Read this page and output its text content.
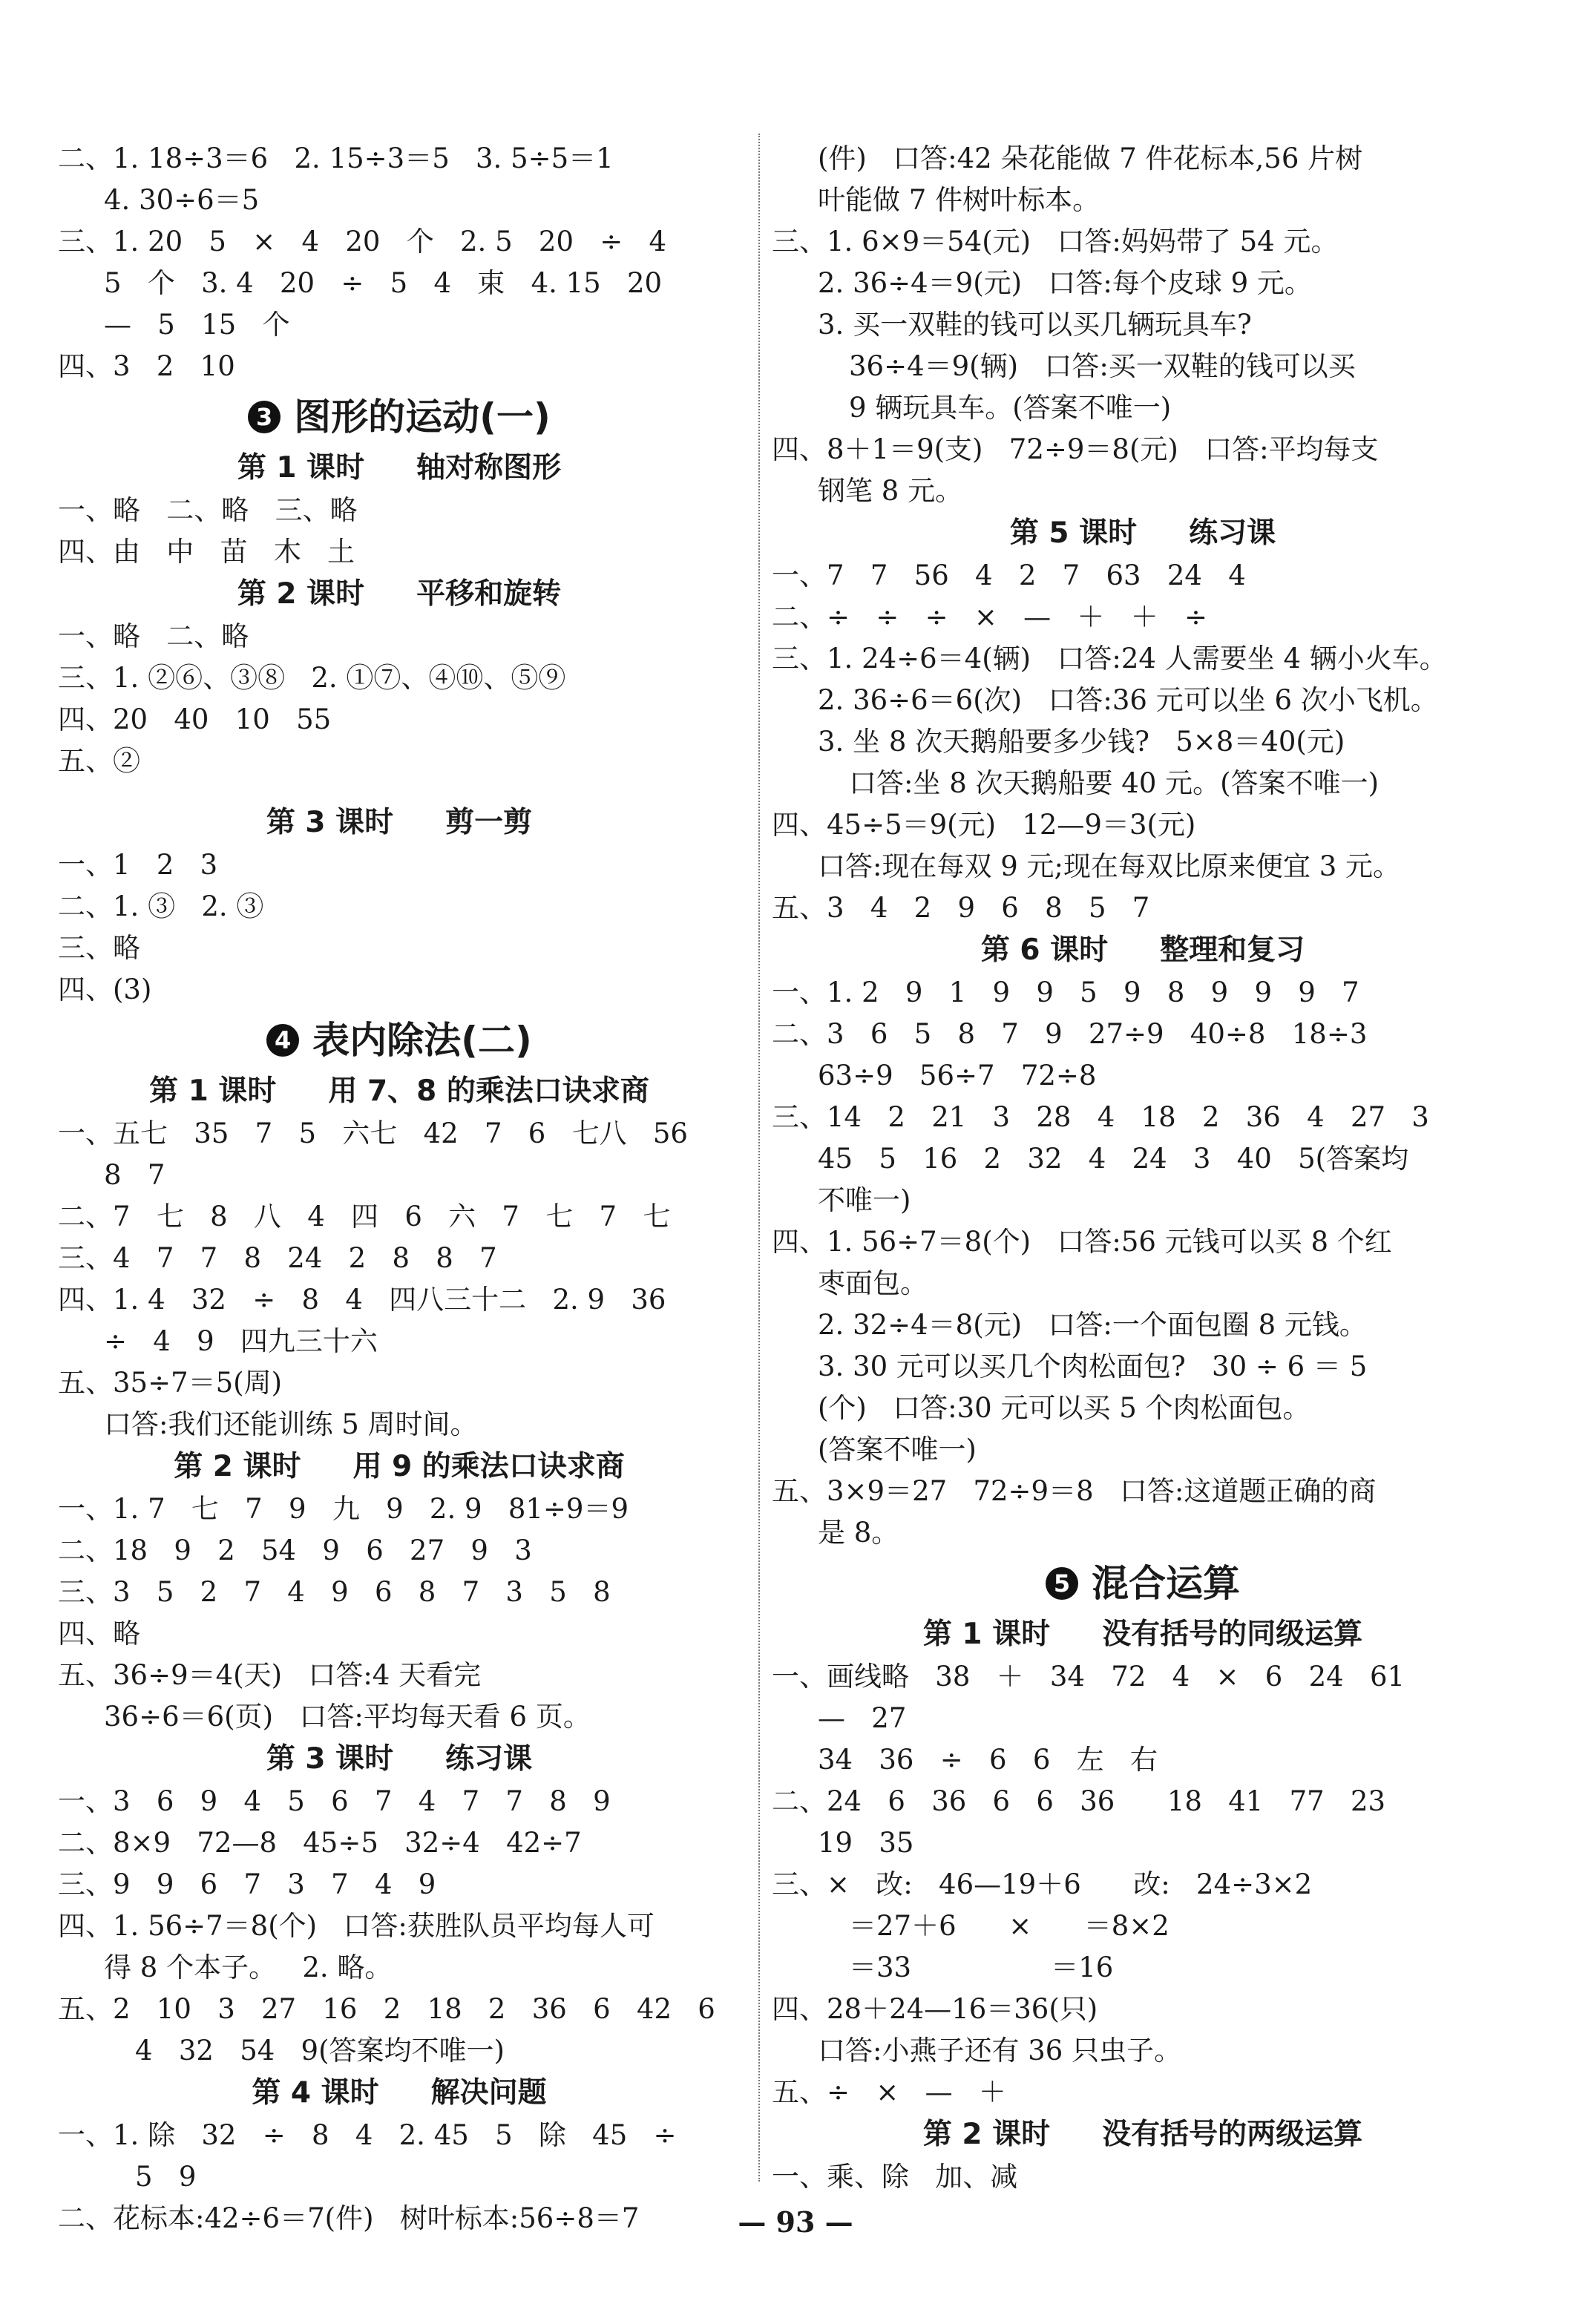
二、1. 18÷3＝6   2. 15÷3＝5   3. 5÷5＝1
4. 30÷6＝5
三、1. 20   5   ×   4   20   个   2. 5   20   ÷   4
5   个   3. 4   20   ÷   5   4   束   4. 15   20
—   5   15   个
四、3   2   10
3 图形的运动(一)
第 1 课时 轴对称图形
一、略   二、略   三、略
四、由   中   苗   木   土
第 2 课时 平移和旋转
一、略   二、略
三、1. ②⑥、③⑧   2. ①⑦、④⑩、⑤⑨
四、20   40   10   55
五、②
第 3 课时 剪一剪
一、1   2   3
二、1. ③   2. ③
三、略
四、(3)
4 表内除法(二)
第 1 课时 用 7、8 的乘法口诀求商
一、五七   35   7   5   六七   42   7   6   七八   56
8   7
二、7   七   8   八   4   四   6   六   7   七   7   七
三、4   7   7   8   24   2   8   8   7
四、1. 4   32   ÷   8   4   四八三十二   2. 9   36
÷   4   9   四九三十六
五、35÷7＝5(周)
口答:我们还能训练 5 周时间。
第 2 课时 用 9 的乘法口诀求商
一、1. 7   七   7   9   九   9   2. 9   81÷9＝9
二、18   9   2   54   9   6   27   9   3
三、3   5   2   7   4   9   6   8   7   3   5   8
四、略
五、36÷9＝4(天)   口答:4 天看完
36÷6＝6(页)   口答:平均每天看 6 页。
第 3 课时 练习课
一、3   6   9   4   5   6   7   4   7   7   8   9
二、8×9   72—8   45÷5   32÷4   42÷7
三、9   9   6   7   3   7   4   9
四、1. 56÷7＝8(个)   口答:获胜队员平均每人可
得 8 个本子。   2. 略。
五、2   10   3   27   16   2   18   2   36   6   42   6
4   32   54   9(答案均不唯一)
第 4 课时 解决问题
一、1. 除   32   ÷   8   4   2. 45   5   除   45   ÷
5   9
二、花标本:42÷6＝7(件)   树叶标本:56÷8＝7
(件)   口答:42 朵花能做 7 件花标本,56 片树
叶能做 7 件树叶标本。
三、1. 6×9＝54(元)   口答:妈妈带了 54 元。
2. 36÷4＝9(元)   口答:每个皮球 9 元。
3. 买一双鞋的钱可以买几辆玩具车?
36÷4＝9(辆)   口答:买一双鞋的钱可以买
9 辆玩具车。(答案不唯一)
四、8＋1＝9(支)   72÷9＝8(元)   口答:平均每支
钢笔 8 元。
第 5 课时 练习课
一、7   7   56   4   2   7   63   24   4
二、÷   ÷   ÷   ×   —   ＋   ＋   ÷
三、1. 24÷6＝4(辆)   口答:24 人需要坐 4 辆小火车。
2. 36÷6＝6(次)   口答:36 元可以坐 6 次小飞机。
3. 坐 8 次天鹅船要多少钱?   5×8＝40(元)
口答:坐 8 次天鹅船要 40 元。(答案不唯一)
四、45÷5＝9(元)   12—9＝3(元)
口答:现在每双 9 元;现在每双比原来便宜 3 元。
五、3   4   2   9   6   8   5   7
第 6 课时 整理和复习
一、1. 2   9   1   9   9   5   9   8   9   9   9   7
二、3   6   5   8   7   9   27÷9   40÷8   18÷3
63÷9   56÷7   72÷8
三、14   2   21   3   28   4   18   2   36   4   27   3
45   5   16   2   32   4   24   3   40   5(答案均
不唯一)
四、1. 56÷7＝8(个)   口答:56 元钱可以买 8 个红
枣面包。
2. 32÷4＝8(元)   口答:一个面包圈 8 元钱。
3. 30 元可以买几个肉松面包?   30 ÷ 6 ＝ 5
(个)   口答:30 元可以买 5 个肉松面包。
(答案不唯一)
五、3×9＝27   72÷9＝8   口答:这道题正确的商
是 8。
5 混合运算
第 1 课时 没有括号的同级运算
一、画线略   38   ＋   34   72   4   ×   6   24   61
—   27
34   36   ÷   6   6   左   右
二、24   6   36   6   6   36      18   41   77   23
19   35
三、×   改:   46—19＋6      改:   24÷3×2
＝27＋6      ×      ＝8×2
＝33                ＝16
四、28＋24—16＝36(只)
口答:小燕子还有 36 只虫子。
五、÷   ×   —   ＋
第 2 课时 没有括号的两级运算
一、乘、除   加、减
— 93 —
